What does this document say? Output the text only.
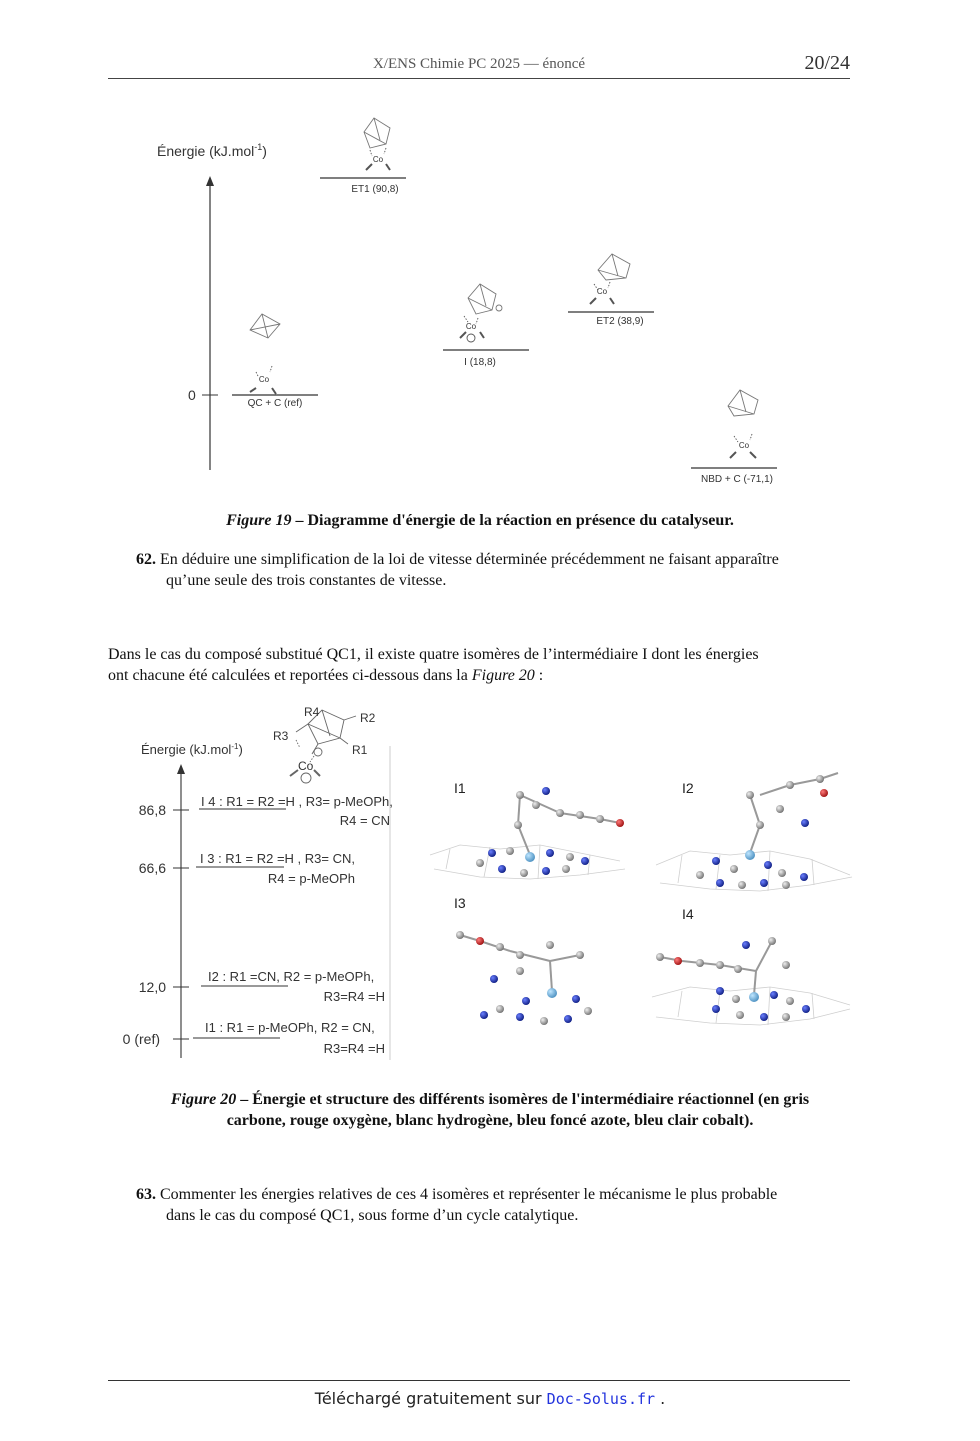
X/ENS Chimie PC 2025 — énoncé	20/24
Énergie (kJ.mol$^{-1}$)
0
QC + C (ref)
Co
ET1 (90,8)
Co
I (18,8)
Co	ET2 (38,9)
Co
NBD + C (-71,1)
Co
Figure 19 – Diagramme d'énergie de la réaction en présence du catalyseur.
62. En déduire une simplification de la loi de vitesse déterminée précédemment ne faisant apparaître
qu’une seule des trois constantes de vitesse.
Dans le cas du composé substitué QC1, il existe quatre isomères de l’intermédiaire I dont les énergies
ont chacune été calculées et reportées ci-dessous dans la Figure 20 :
Énergie (kJ.mol$^{-1}$)
R4	R2
R3
R1
Co
86,8
I 4 : R1 = R2 =H , R3= p-MeOPh,
R4 = CN
66,6
I 3 : R1 = R2 =H , R3= CN,
R4 = p-MeOPh
12,0
I2 : R1 =CN, R2 = p-MeOPh,
R3=R4 =H
0 (ref)
I1 : R1 = p-MeOPh, R2 = CN,
R3=R4 =H
I1	I2
I3
I4
Figure 20 – Énergie et structure des différents isomères de l'intermédiaire réactionnel (en gris
carbone, rouge oxygène, blanc hydrogène, bleu foncé azote, bleu clair cobalt).
63. Commenter les énergies relatives de ces 4 isomères et représenter le mécanisme le plus probable
dans le cas du composé QC1, sous forme d’un cycle catalytique.
Téléchargé gratuitement sur Doc-Solus.fr .
